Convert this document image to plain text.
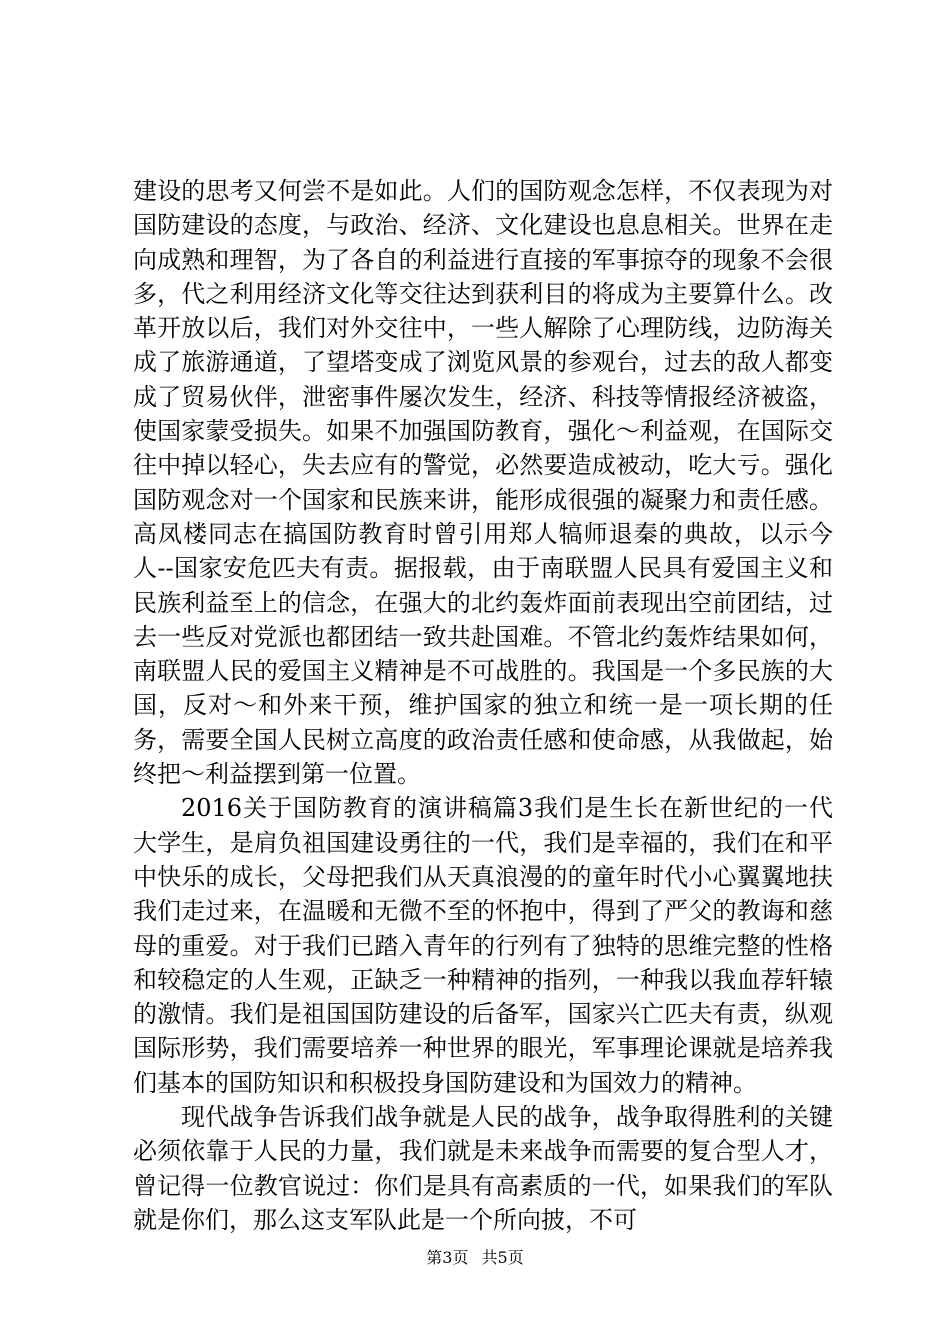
建设的思考又何尝不是如此。人们的国防观念怎样，不仅表现为对国防建设的态度，与政治、经济、文化建设也息息相关。世界在走向成熟和理智，为了各自的利益进行直接的军事掠夺的现象不会很多，代之利用经济文化等交往达到获利目的将成为主要算什么。改革开放以后，我们对外交往中，一些人解除了心理防线，边防海关成了旅游通道，了望塔变成了浏览风景的参观台，过去的敌人都变成了贸易伙伴，泄密事件屡次发生，经济、科技等情报经济被盗，使国家蒙受损失。如果不加强国防教育，强化～利益观，在国际交往中掉以轻心，失去应有的警觉，必然要造成被动，吃大亏。强化国防观念对一个国家和民族来讲，能形成很强的凝聚力和责任感。高凤楼同志在搞国防教育时曾引用郑人犒师退秦的典故，以示今人--国家安危匹夫有责。据报载，由于南联盟人民具有爱国主义和民族利益至上的信念，在强大的北约轰炸面前表现出空前团结，过去一些反对党派也都团结一致共赴国难。不管北约轰炸结果如何，南联盟人民的爱国主义精神是不可战胜的。我国是一个多民族的大国，反对～和外来干预，维护国家的独立和统一是一项长期的任务，需要全国人民树立高度的政治责任感和使命感，从我做起，始终把～利益摆到第一位置。

2016关于国防教育的演讲稿篇3我们是生长在新世纪的一代大学生，是肩负祖国建设勇往的一代，我们是幸福的，我们在和平中快乐的成长，父母把我们从天真浪漫的的童年时代小心翼翼地扶我们走过来，在温暖和无微不至的怀抱中，得到了严父的教诲和慈母的重爱。对于我们已踏入青年的行列有了独特的思维完整的性格和较稳定的人生观，正缺乏一种精神的指列，一种我以我血荐轩辕的激情。我们是祖国国防建设的后备军，国家兴亡匹夫有责，纵观国际形势，我们需要培养一种世界的眼光，军事理论课就是培养我们基本的国防知识和积极投身国防建设和为国效力的精神。

现代战争告诉我们战争就是人民的战争，战争取得胜利的关键必须依靠于人民的力量，我们就是未来战争而需要的复合型人才，曾记得一位教官说过：你们是具有高素质的一代，如果我们的军队就是你们，那么这支军队此是一个所向披，不可

第3页 共5页
